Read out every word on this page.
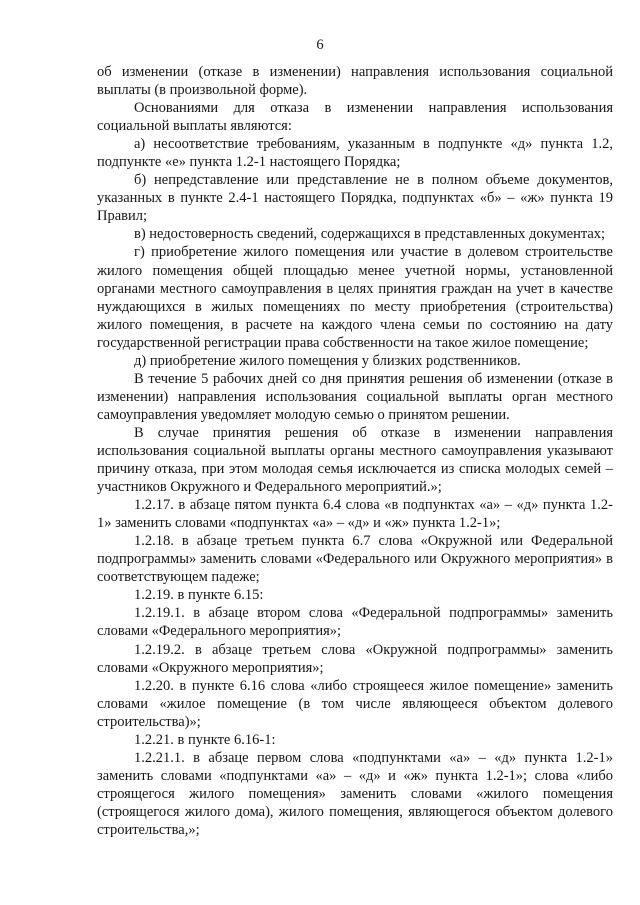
6

об изменении (отказе в изменении) направления использования социальной выплаты (в произвольной форме).

Основаниями для отказа в изменении направления использования социальной выплаты являются:

а) несоответствие требованиям, указанным в подпункте «д» пункта 1.2, подпункте «е» пункта 1.2-1 настоящего Порядка;

б) непредставление или представление не в полном объеме документов, указанных в пункте 2.4-1 настоящего Порядка, подпунктах «б» – «ж» пункта 19 Правил;

в) недостоверность сведений, содержащихся в представленных документах;

г) приобретение жилого помещения или участие в долевом строительстве жилого помещения общей площадью менее учетной нормы, установленной органами местного самоуправления в целях принятия граждан на учет в качестве нуждающихся в жилых помещениях по месту приобретения (строительства) жилого помещения, в расчете на каждого члена семьи по состоянию на дату государственной регистрации права собственности на такое жилое помещение;

д) приобретение жилого помещения у близких родственников.

В течение 5 рабочих дней со дня принятия решения об изменении (отказе в изменении) направления использования социальной выплаты орган местного самоуправления уведомляет молодую семью о принятом решении.

В случае принятия решения об отказе в изменении направления использования социальной выплаты органы местного самоуправления указывают причину отказа, при этом молодая семья исключается из списка молодых семей – участников Окружного и Федерального мероприятий.»;

1.2.17. в абзаце пятом пункта 6.4 слова «в подпунктах «а» – «д» пункта 1.2-1» заменить словами «подпунктах «а» – «д» и «ж» пункта 1.2-1»;

1.2.18. в абзаце третьем пункта 6.7 слова «Окружной или Федеральной подпрограммы» заменить словами «Федерального или Окружного мероприятия» в соответствующем падеже;

1.2.19. в пункте 6.15:

1.2.19.1. в абзаце втором слова «Федеральной подпрограммы» заменить словами «Федерального мероприятия»;

1.2.19.2. в абзаце третьем слова «Окружной подпрограммы» заменить словами «Окружного мероприятия»;

1.2.20. в пункте 6.16 слова «либо строящееся жилое помещение» заменить словами «жилое помещение (в том числе являющееся объектом долевого строительства)»;

1.2.21. в пункте 6.16-1:

1.2.21.1. в абзаце первом слова «подпунктами «а» – «д» пункта 1.2-1» заменить словами «подпунктами «а» – «д» и «ж» пункта 1.2-1»; слова «либо строящегося жилого помещения» заменить словами «жилого помещения (строящегося жилого дома), жилого помещения, являющегося объектом долевого строительства,»;
